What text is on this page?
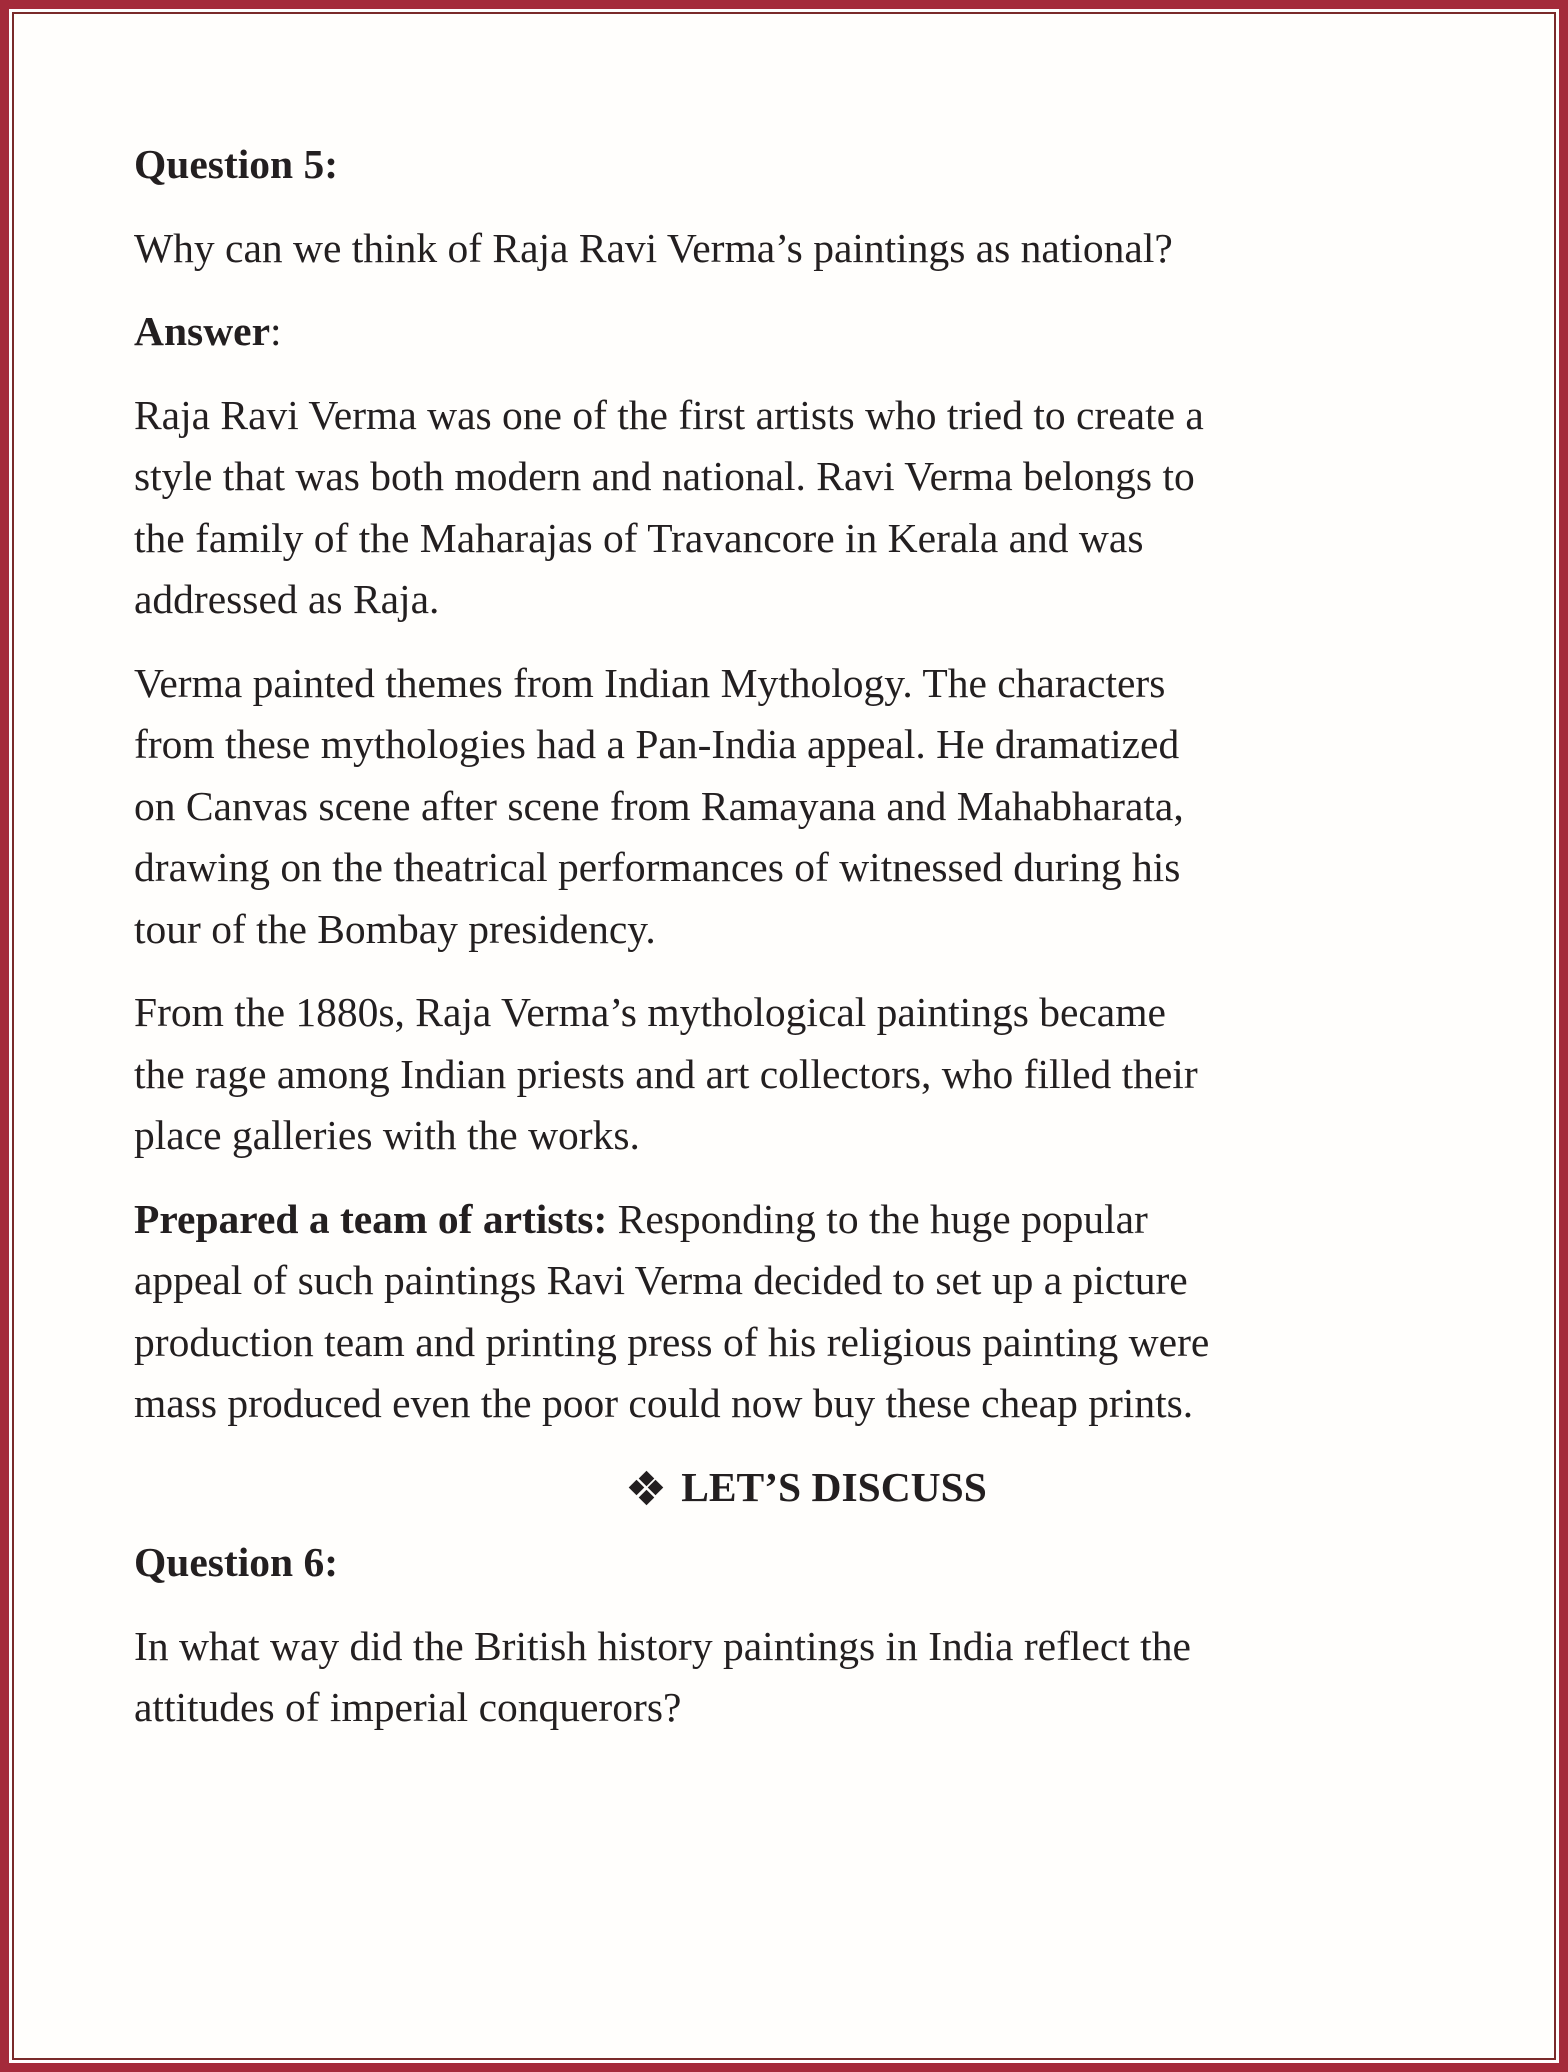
Question 5:
Why can we think of Raja Ravi Verma’s paintings as national?
Answer:
Raja Ravi Verma was one of the first artists who tried to create a
style that was both modern and national. Ravi Verma belongs to
the family of the Maharajas of Travancore in Kerala and was
addressed as Raja.
Verma painted themes from Indian Mythology. The characters
from these mythologies had a Pan-India appeal. He dramatized
on Canvas scene after scene from Ramayana and Mahabharata,
drawing on the theatrical performances of witnessed during his
tour of the Bombay presidency.
From the 1880s, Raja Verma’s mythological paintings became
the rage among Indian priests and art collectors, who filled their
place galleries with the works.
Prepared a team of artists: Responding to the huge popular
appeal of such paintings Ravi Verma decided to set up a picture
production team and printing press of his religious painting were
mass produced even the poor could now buy these cheap prints.
LET’S DISCUSS
Question 6:
In what way did the British history paintings in India reflect the
attitudes of imperial conquerors?
